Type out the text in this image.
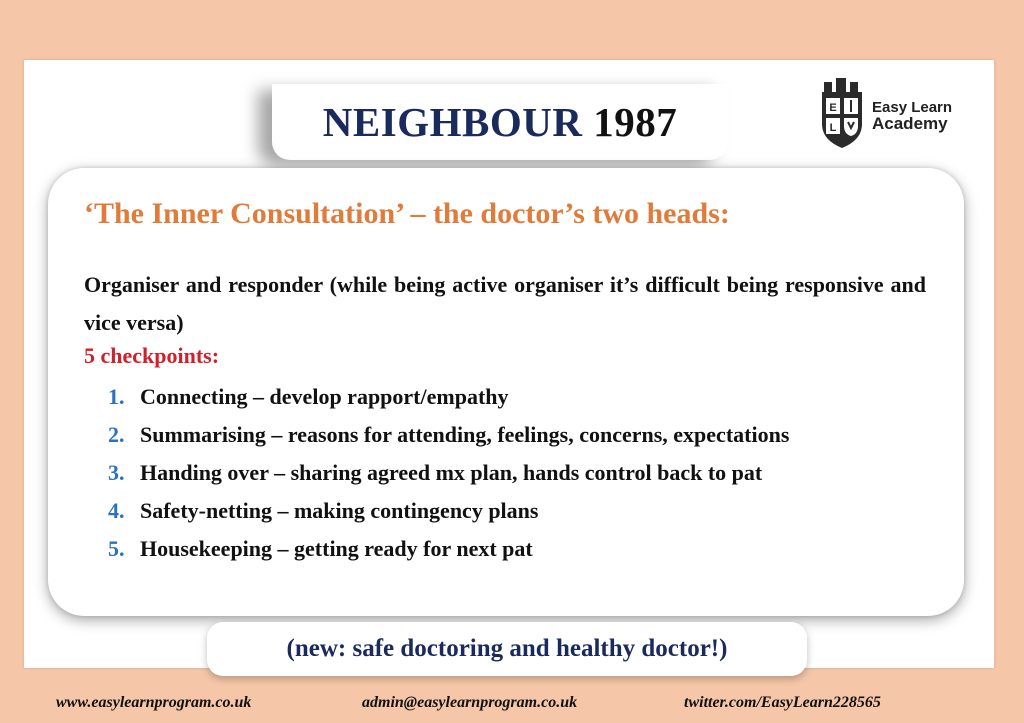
NEIGHBOUR 1987	E
L
Easy Learn
Academy
‘The Inner Consultation’ – the doctor’s two heads:
Organiser and responder (while being active organiser it’s difficult being responsive and vice versa)
5 checkpoints:
1. Connecting – develop rapport/empathy
2. Summarising – reasons for attending, feelings, concerns, expectations
3. Handing over – sharing agreed mx plan, hands control back to pat
4. Safety-netting – making contingency plans
5. Housekeeping – getting ready for next pat
(new: safe doctoring and healthy doctor!)
www.easylearnprogram.co.uk	admin@easylearnprogram.co.uk	twitter.com/EasyLearn228565
